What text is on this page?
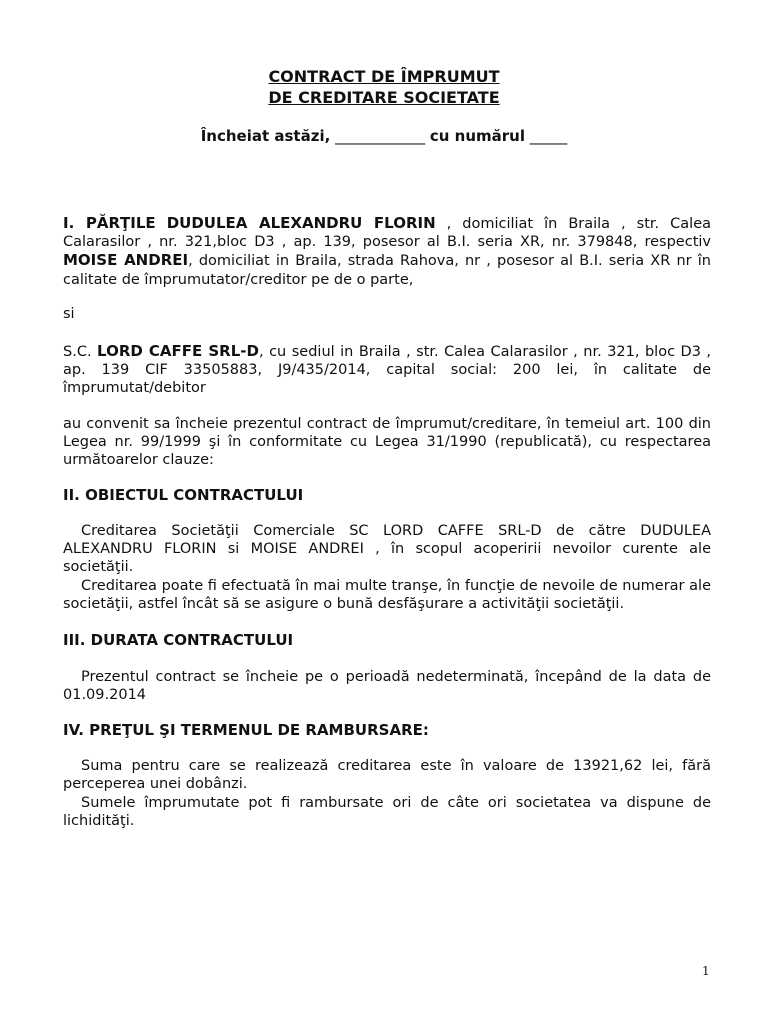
CONTRACT DE ÎMPRUMUT
DE CREDITARE SOCIETATE
Încheiat astăzi, ____________ cu numărul _____

I. PĂRŢILE DUDULEA ALEXANDRU FLORIN , domiciliat în Braila , str. Calea Calarasilor , nr. 321,bloc D3 , ap. 139, posesor al B.I. seria XR, nr. 379848, respectiv MOISE ANDREI, domiciliat in Braila, strada Rahova, nr , posesor al B.I. seria XR nr în calitate de împrumutator/creditor pe de o parte,

si

S.C. LORD CAFFE SRL-D, cu sediul in Braila , str. Calea Calarasilor , nr. 321, bloc D3 , ap. 139 CIF 33505883, J9/435/2014, capital social: 200 lei, în calitate de împrumutat/debitor

au convenit sa încheie prezentul contract de împrumut/creditare, în temeiul art. 100 din Legea nr. 99/1999 şi în conformitate cu Legea 31/1990 (republicată), cu respectarea următoarelor clauze:

II. OBIECTUL CONTRACTULUI

Creditarea Societăţii Comerciale SC LORD CAFFE SRL-D de către DUDULEA ALEXANDRU FLORIN si MOISE ANDREI , în scopul acoperirii nevoilor curente ale societăţii.

Creditarea poate fi efectuată în mai multe tranşe, în funcţie de nevoile de numerar ale societăţii, astfel încât să se asigure o bună desfăşurare a activităţii societăţii.

III. DURATA CONTRACTULUI

Prezentul contract se încheie pe o perioadă nedeterminată, începând de la data de 01.09.2014

IV. PREŢUL ŞI TERMENUL DE RAMBURSARE:

Suma pentru care se realizează creditarea este în valoare de 13921,62 lei, fără perceperea unei dobânzi.

Sumele împrumutate pot fi rambursate ori de câte ori societatea va dispune de lichidităţi.

1
